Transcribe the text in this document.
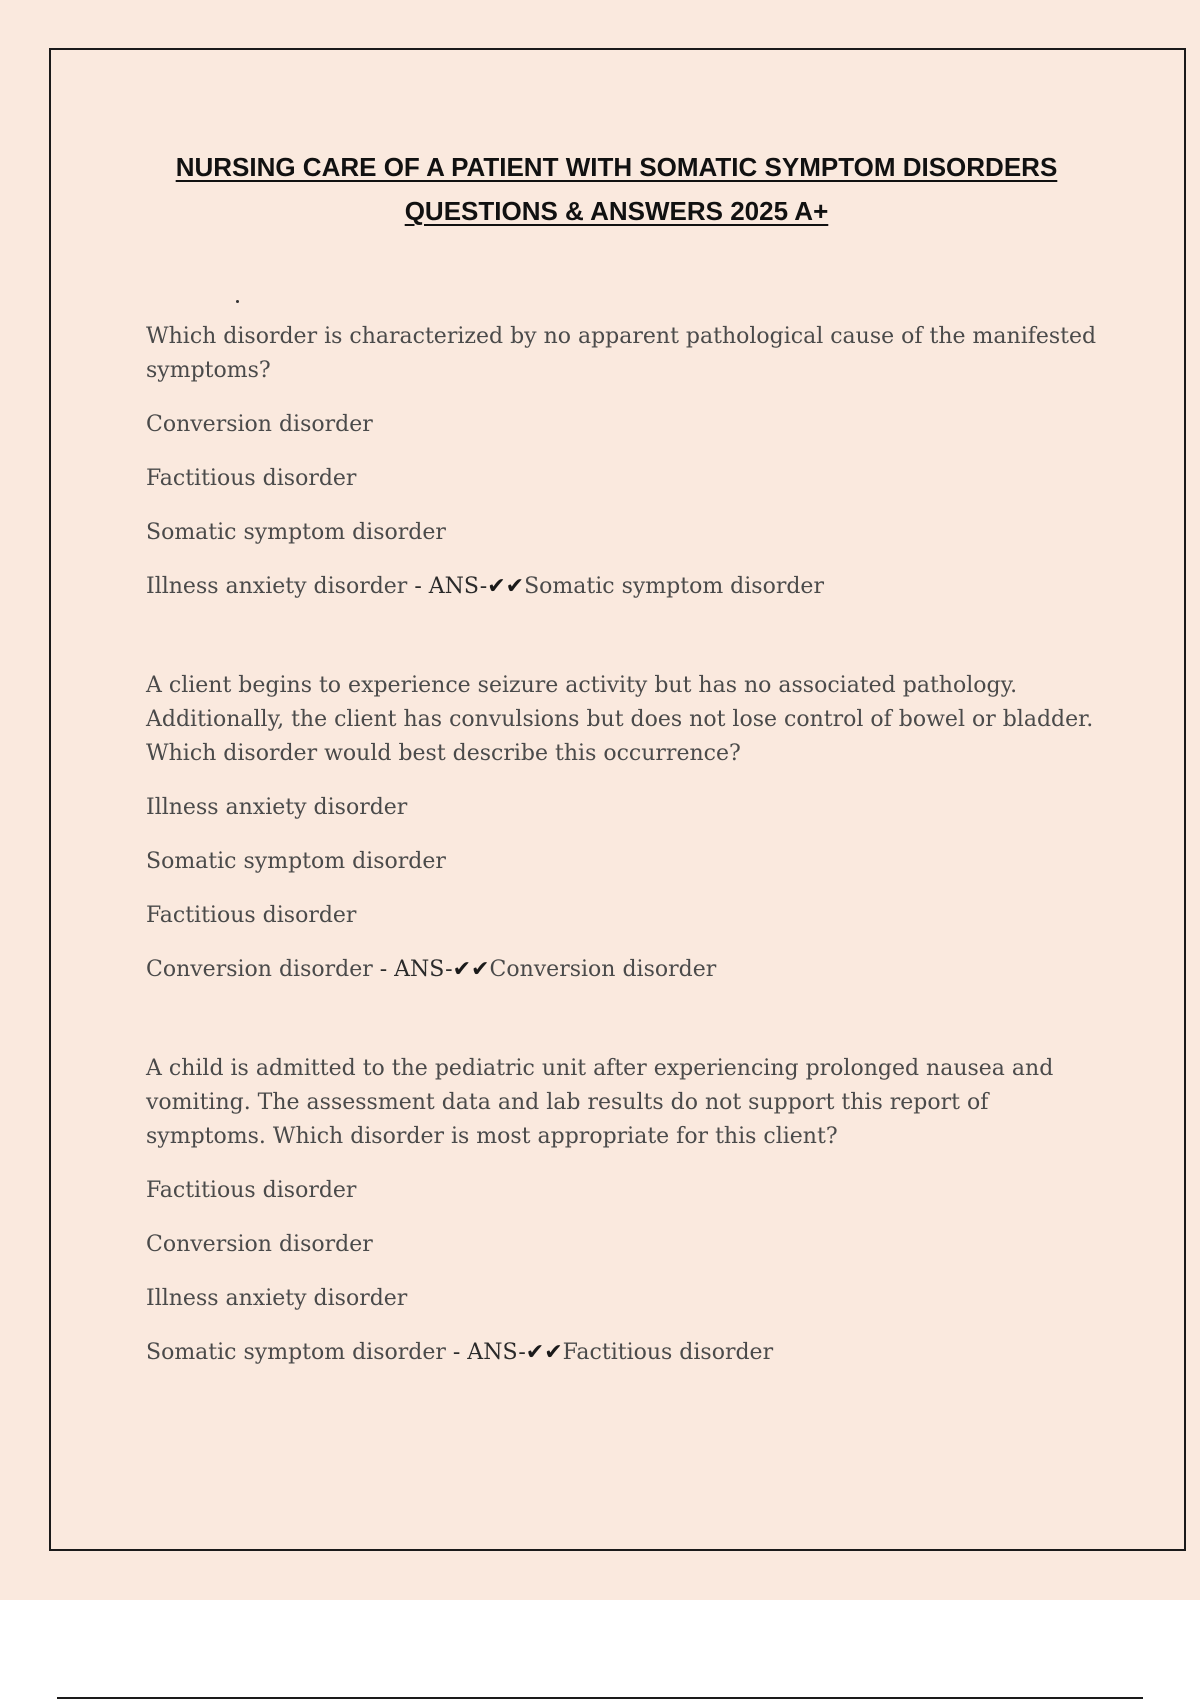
NURSING CARE OF A PATIENT WITH SOMATIC SYMPTOM DISORDERS
QUESTIONS & ANSWERS 2025 A+

Which disorder is characterized by no apparent pathological cause of the manifested symptoms?

Conversion disorder

Factitious disorder

Somatic symptom disorder

Illness anxiety disorder - ANS-✔✔Somatic symptom disorder

A client begins to experience seizure activity but has no associated pathology. Additionally, the client has convulsions but does not lose control of bowel or bladder. Which disorder would best describe this occurrence?

Illness anxiety disorder

Somatic symptom disorder

Factitious disorder

Conversion disorder - ANS-✔✔Conversion disorder

A child is admitted to the pediatric unit after experiencing prolonged nausea and vomiting. The assessment data and lab results do not support this report of symptoms. Which disorder is most appropriate for this client?

Factitious disorder

Conversion disorder

Illness anxiety disorder

Somatic symptom disorder - ANS-✔✔Factitious disorder
